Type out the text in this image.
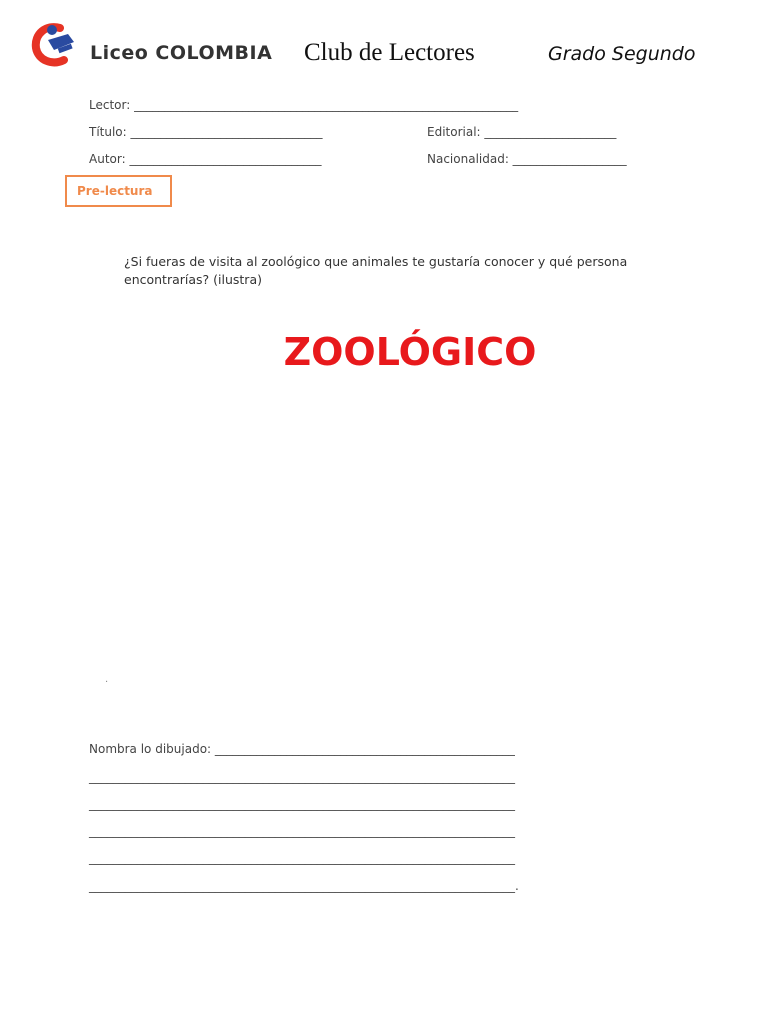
Liceo COLOMBIA Club de Lectores	Grado Segundo
Lector: ________________________________________________________________
Título: ________________________________	Editorial: ______________________
Autor: ________________________________	Nacionalidad: ___________________
Pre-lectura
¿Si fueras de visita al zoológico que animales te gustaría conocer y qué persona
encontrarías? (ilustra)
ZOOLÓGICO
.
Nombra lo dibujado: __________________________________________________
_______________________________________________________________________
_______________________________________________________________________
_______________________________________________________________________
_______________________________________________________________________
_______________________________________________________________________.
